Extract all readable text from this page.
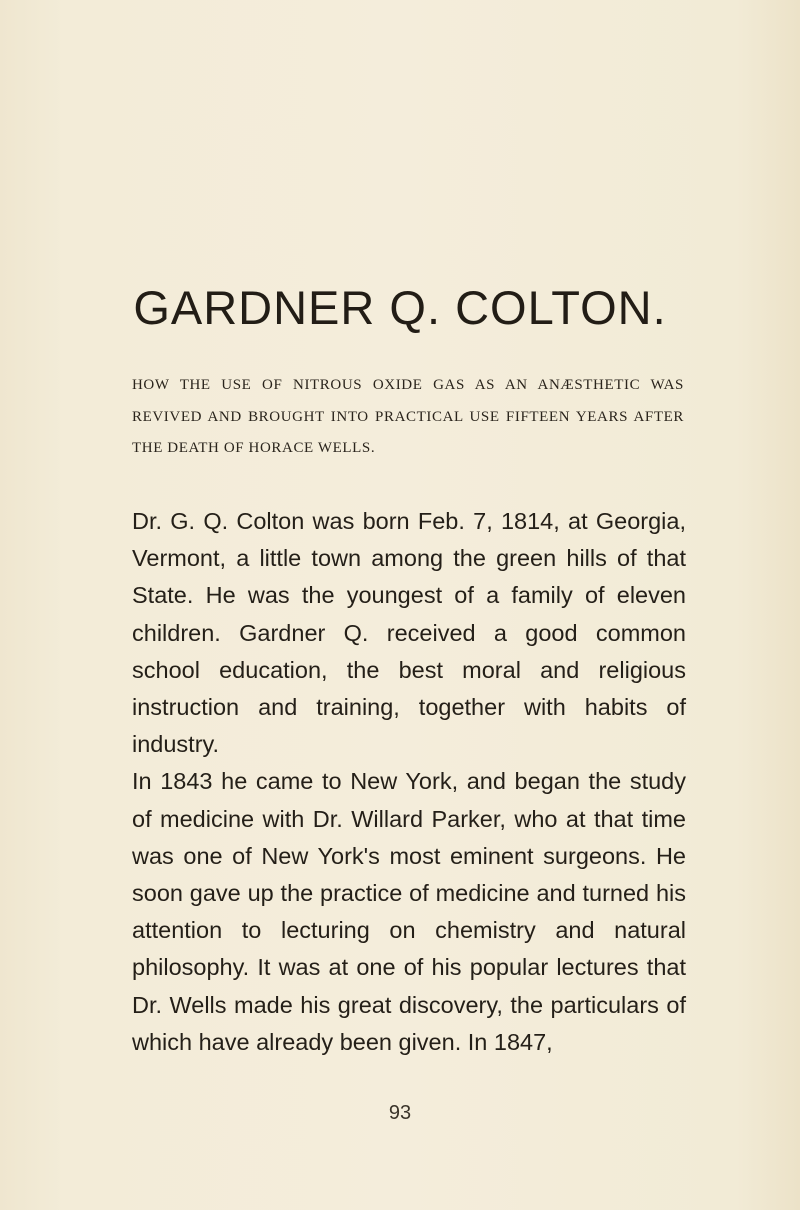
GARDNER Q. COLTON.

HOW THE USE OF NITROUS OXIDE GAS AS AN ANÆSTHETIC WAS REVIVED AND BROUGHT INTO PRACTICAL USE FIFTEEN YEARS AFTER THE DEATH OF HORACE WELLS.

Dr. G. Q. Colton was born Feb. 7, 1814, at Georgia, Vermont, a little town among the green hills of that State. He was the youngest of a family of eleven children. Gardner Q. received a good common school education, the best moral and religious instruction and training, together with habits of industry.

In 1843 he came to New York, and began the study of medicine with Dr. Willard Parker, who at that time was one of New York's most eminent surgeons. He soon gave up the practice of medicine and turned his attention to lecturing on chemistry and natural philosophy. It was at one of his popular lectures that Dr. Wells made his great discovery, the particulars of which have already been given. In 1847,

93
